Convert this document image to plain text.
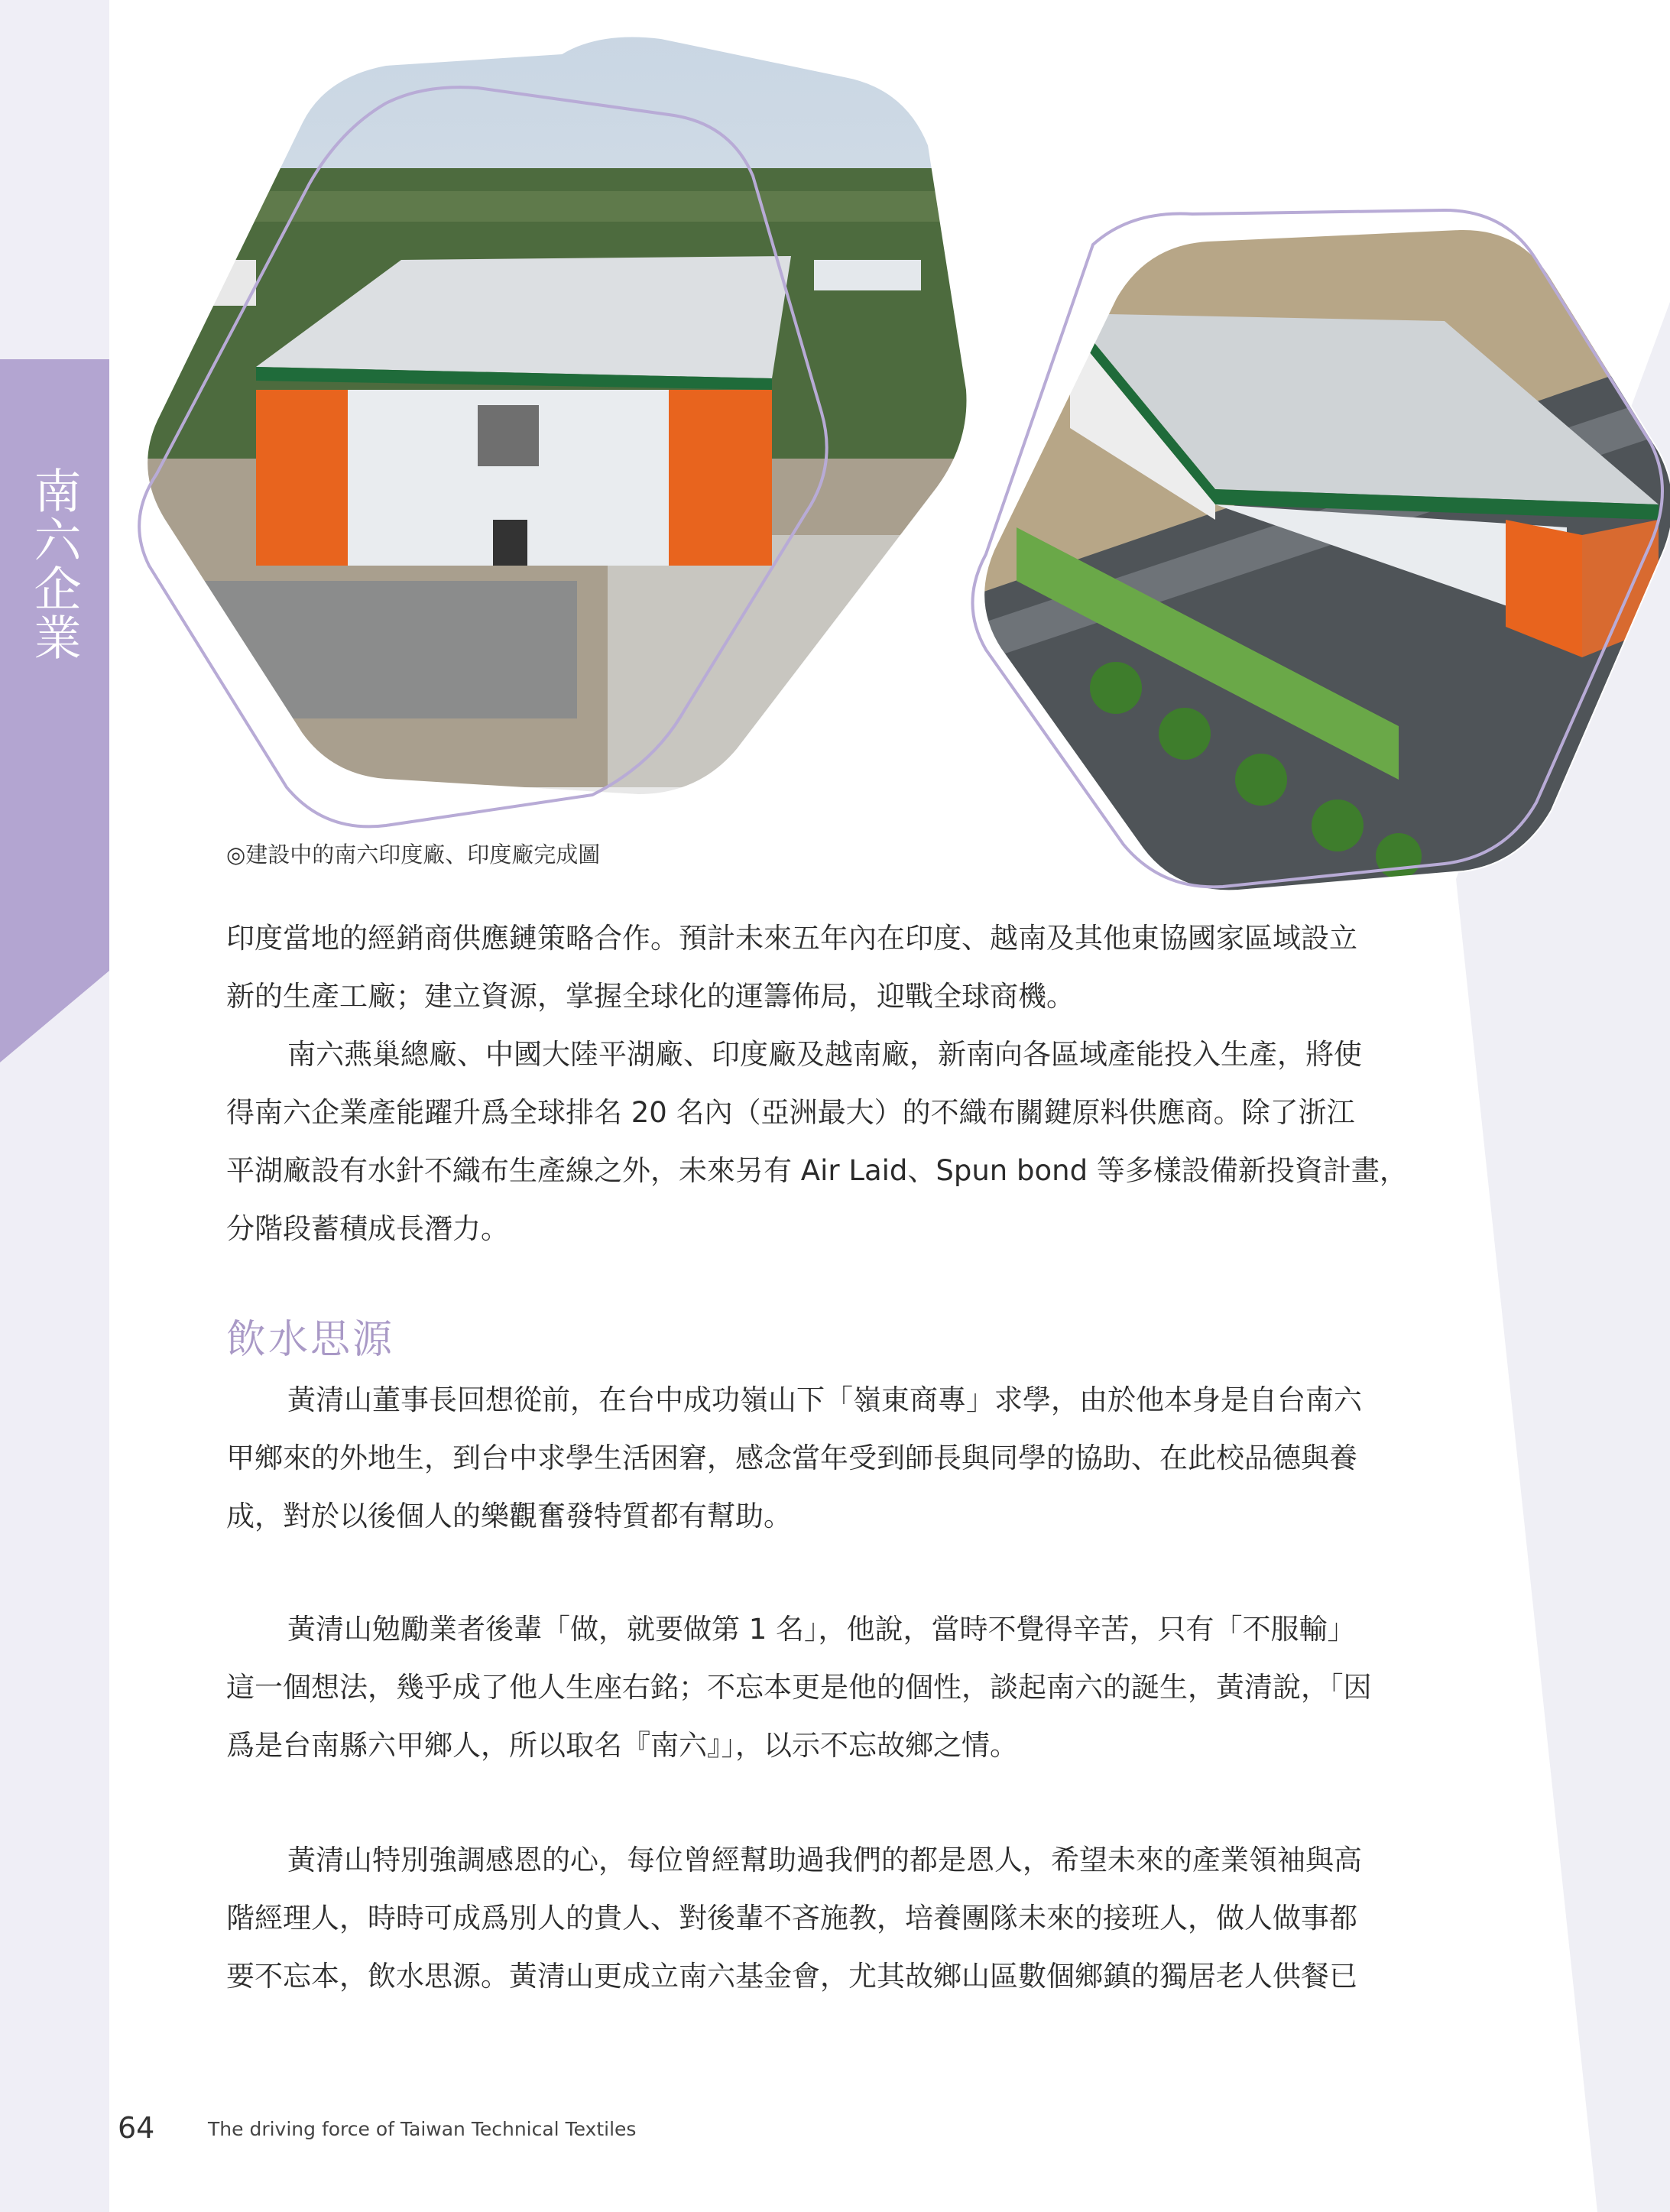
南六企業
◎建設中的南六印度廠、印度廠完成圖
印度當地的經銷商供應鏈策略合作。預計未來五年內在印度、越南及其他東協國家區域設立
新的生產工廠；建立資源，掌握全球化的運籌佈局，迎戰全球商機。
南六燕巢總廠、中國大陸平湖廠、印度廠及越南廠，新南向各區域產能投入生產，將使
得南六企業產能躍升爲全球排名 20 名內（亞洲最大）的不織布關鍵原料供應商。除了浙江
平湖廠設有水針不織布生產線之外，未來另有 Air Laid、Spun bond 等多樣設備新投資計畫，
分階段蓄積成長潛力。
飲水思源
黃清山董事長回想從前，在台中成功嶺山下「嶺東商專」求學，由於他本身是自台南六
甲鄉來的外地生，到台中求學生活困窘，感念當年受到師長與同學的協助、在此校品德與養
成，對於以後個人的樂觀奮發特質都有幫助。
黃清山勉勵業者後輩「做，就要做第 1 名」，他說，當時不覺得辛苦，只有「不服輸」
這一個想法，幾乎成了他人生座右銘；不忘本更是他的個性，談起南六的誕生，黃清說，「因
爲是台南縣六甲鄉人，所以取名『南六』」，以示不忘故鄉之情。
黃清山特別強調感恩的心，每位曾經幫助過我們的都是恩人，希望未來的產業領袖與高
階經理人，時時可成爲別人的貴人、對後輩不吝施教，培養團隊未來的接班人，做人做事都
要不忘本，飲水思源。黃清山更成立南六基金會，尤其故鄉山區數個鄉鎮的獨居老人供餐已
64	The driving force of Taiwan Technical Textiles
